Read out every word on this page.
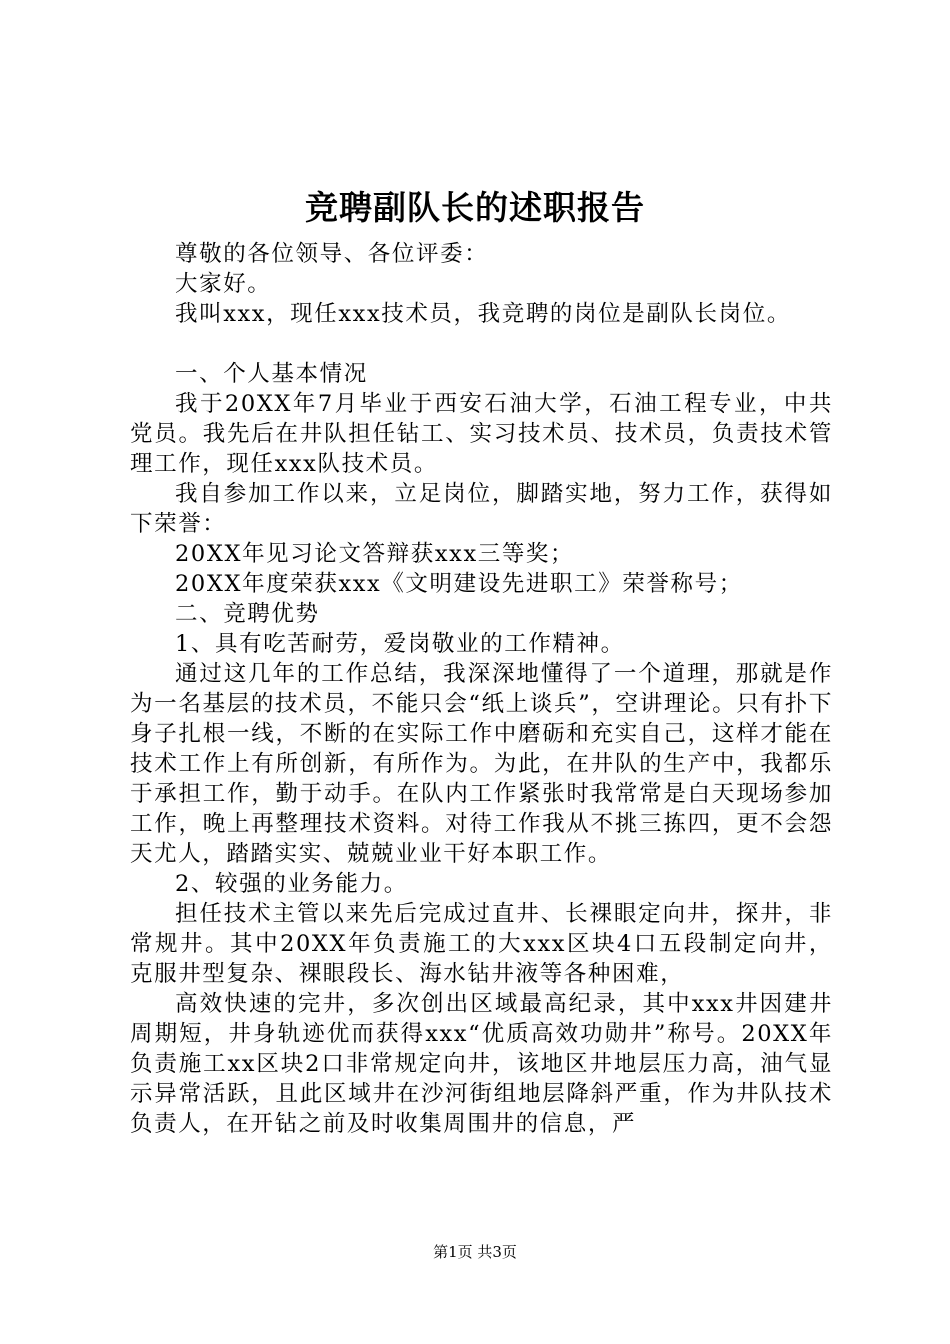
竞聘副队长的述职报告

尊敬的各位领导、各位评委：

大家好。

我叫xxx，现任xxx技术员，我竞聘的岗位是副队长岗位。

一、个人基本情况

我于20XX年7月毕业于西安石油大学，石油工程专业，中共党员。我先后在井队担任钻工、实习技术员、技术员，负责技术管理工作，现任xxx队技术员。

我自参加工作以来，立足岗位，脚踏实地，努力工作，获得如下荣誉：

20XX年见习论文答辩获xxx三等奖；

20XX年度荣获xxx《文明建设先进职工》荣誉称号；

二、竞聘优势

1、具有吃苦耐劳，爱岗敬业的工作精神。

通过这几年的工作总结，我深深地懂得了一个道理，那就是作为一名基层的技术员，不能只会“纸上谈兵”，空讲理论。只有扑下身子扎根一线，不断的在实际工作中磨砺和充实自己，这样才能在技术工作上有所创新，有所作为。为此，在井队的生产中，我都乐于承担工作，勤于动手。在队内工作紧张时我常常是白天现场参加工作，晚上再整理技术资料。对待工作我从不挑三拣四，更不会怨天尤人，踏踏实实、兢兢业业干好本职工作。

2、较强的业务能力。

担任技术主管以来先后完成过直井、长裸眼定向井，探井，非常规井。其中20XX年负责施工的大xxx区块4口五段制定向井，克服井型复杂、裸眼段长、海水钻井液等各种困难，

高效快速的完井，多次创出区域最高纪录，其中xxx井因建井周期短，井身轨迹优而获得xxx“优质高效功勋井”称号。20XX年负责施工xx区块2口非常规定向井，该地区井地层压力高，油气显示异常活跃，且此区域井在沙河街组地层降斜严重，作为井队技术负责人，在开钻之前及时收集周围井的信息，严

第1页 共3页
